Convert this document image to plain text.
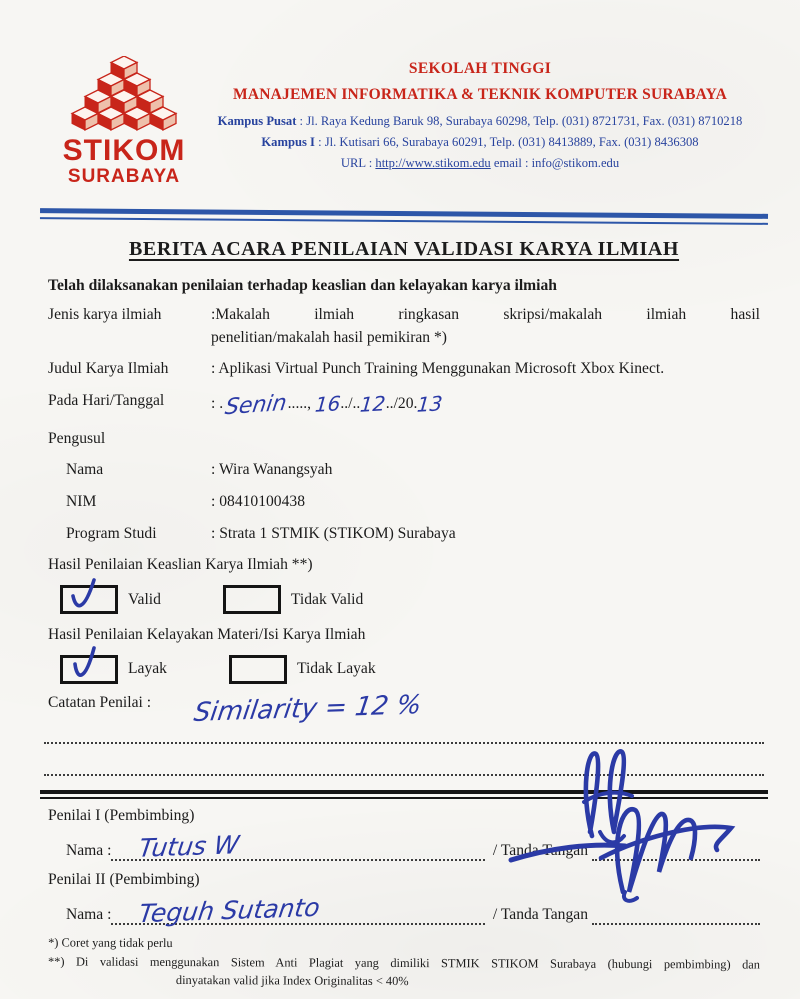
STIKOM
SURABAYA
SEKOLAH TINGGI
MANAJEMEN INFORMATIKA & TEKNIK KOMPUTER SURABAYA
Kampus Pusat : Jl. Raya Kedung Baruk 98, Surabaya 60298, Telp. (031) 8721731, Fax. (031) 8710218
Kampus I : Jl. Kutisari 66, Surabaya 60291, Telp. (031) 8413889, Fax. (031) 8436308
URL : http://www.stikom.edu email : info@stikom.edu
BERITA ACARA PENILAIAN VALIDASI KARYA ILMIAH
Telah dilaksanakan penilaian terhadap keaslian dan kelayakan karya ilmiah
Jenis karya ilmiah	:Makalah ilmiah ringkasan skripsi/makalah ilmiah hasil
penelitian/makalah hasil pemikiran *)
Judul Karya Ilmiah	: Aplikasi Virtual Punch Training Menggunakan Microsoft Xbox Kinect.
Pada Hari/Tanggal	: .Senin....., 16../..12../20.13
Pengusul
Nama	: Wira Wanangsyah
NIM	: 08410100438
Program Studi	: Strata 1 STMIK (STIKOM) Surabaya
Hasil Penilaian Keaslian Karya Ilmiah **)
Valid	Tidak Valid
Hasil Penilaian Kelayakan Materi/Isi Karya Ilmiah
Layak	Tidak Layak
Catatan Penilai :	Similarity = 12 %
Penilai I (Pembimbing)
Nama : Tutus W	/ Tanda Tangan
Penilai II (Pembimbing)
Nama : Teguh Sutanto	/ Tanda Tangan
*) Coret yang tidak perlu
**) Di validasi menggunakan Sistem Anti Plagiat yang dimiliki STMIK STIKOM Surabaya (hubungi pembimbing) dan
dinyatakan valid jika Index Originalitas < 40%
